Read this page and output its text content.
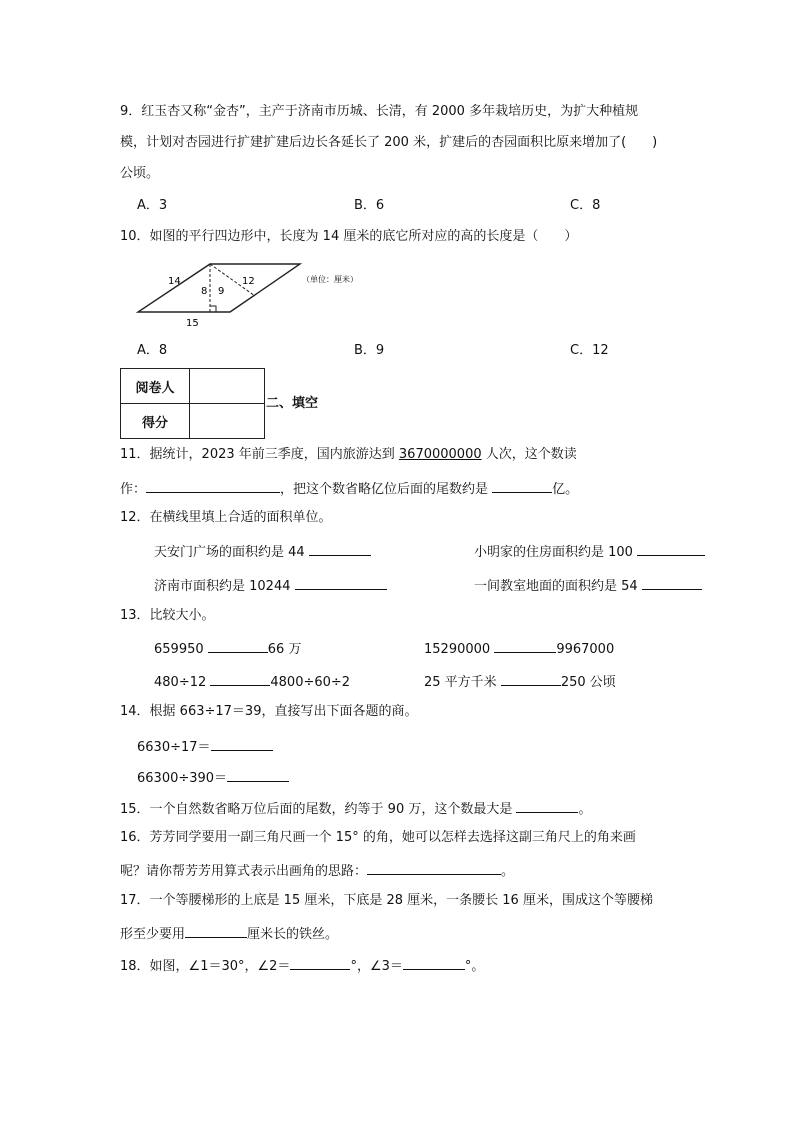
9．红玉杏又称“金杏”，主产于济南市历城、长清，有 2000 多年栽培历史，为扩大种植规
模，计划对杏园进行扩建扩建后边长各延长了 200 米，扩建后的杏园面积比原来增加了(　　)
公顷。
A．3	B．6	C．8
10．如图的平行四边形中，长度为 14 厘米的底它所对应的高的长度是（　　）
14
8 9
12
15
（单位：厘米）
A．8	B．9	C．12
阅卷人	
得分	
二、填空
11．据统计，2023 年前三季度，国内旅游达到 3670000000 人次，这个数读
作：	，把这个数省略亿位后面的尾数约是	亿。
12．在横线里填上合适的面积单位。
天安门广场的面积约是 44	小明家的住房面积约是 100
济南市面积约是 10244	一间教室地面的面积约是 54
13．比较大小。
659950	66 万	15290000	9967000
480÷12	4800÷60÷2	25 平方千米	250 公顷
14．根据 663÷17＝39，直接写出下面各题的商。
6630÷17＝
66300÷390＝
15．一个自然数省略万位后面的尾数，约等于 90 万，这个数最大是	。
16．芳芳同学要用一副三角尺画一个 15° 的角，她可以怎样去选择这副三角尺上的角来画
呢？请你帮芳芳用算式表示出画角的思路：	。
17．一个等腰梯形的上底是 15 厘米，下底是 28 厘米，一条腰长 16 厘米，围成这个等腰梯
形至少要用	厘米长的铁丝。
18．如图，∠1＝30°，∠2＝	°，∠3＝	°。
